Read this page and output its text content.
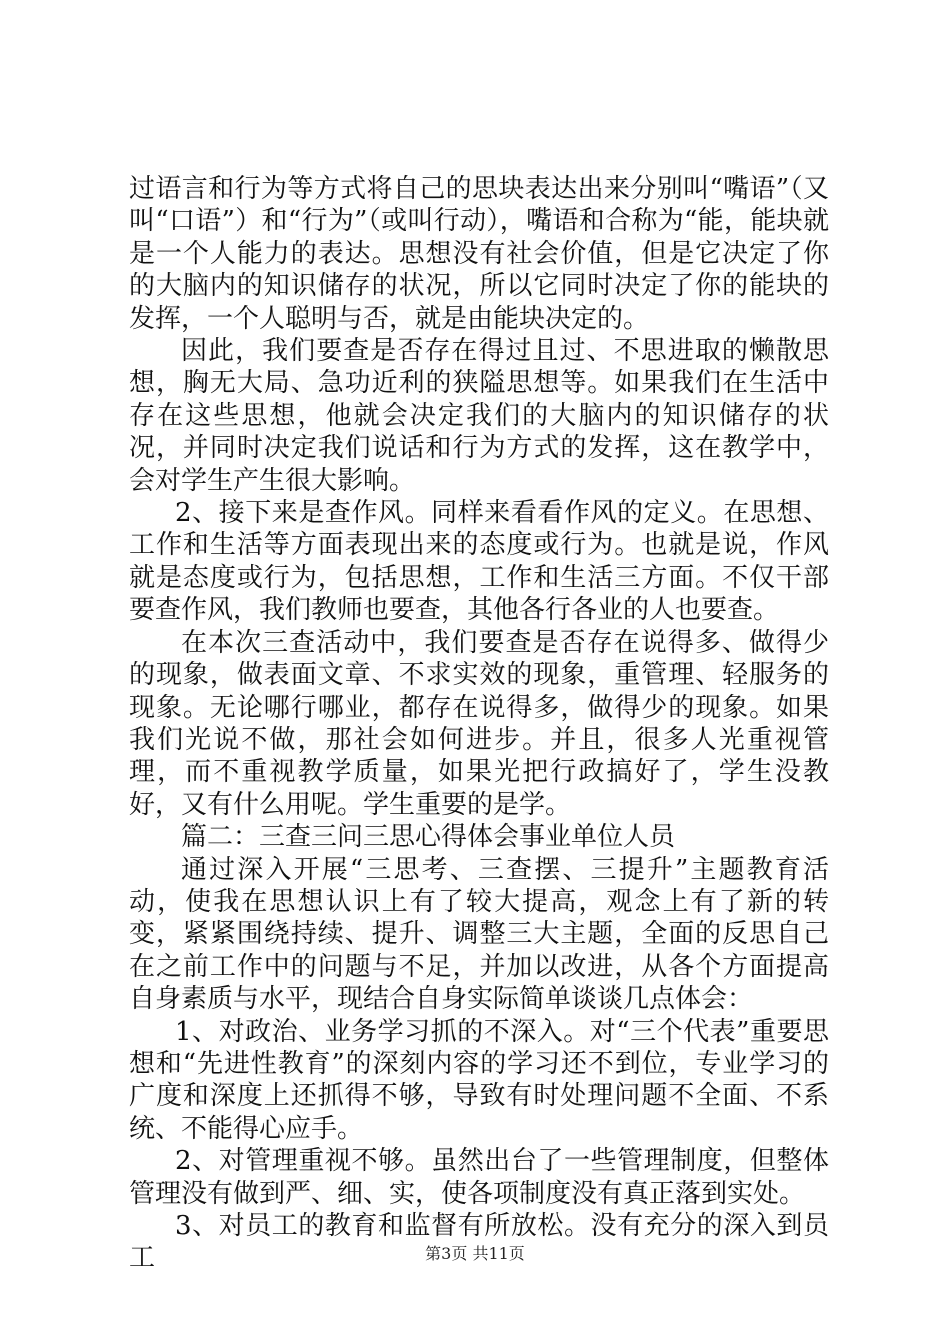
过语言和行为等方式将自己的思块表达出来分别叫“嘴语”（又叫“口语”）和“行为”（或叫行动），嘴语和合称为“能，能块就是一个人能力的表达。思想没有社会价值，但是它决定了你的大脑内的知识储存的状况，所以它同时决定了你的能块的发挥，一个人聪明与否，就是由能块决定的。

因此，我们要查是否存在得过且过、不思进取的懒散思想，胸无大局、急功近利的狭隘思想等。如果我们在生活中存在这些思想，他就会决定我们的大脑内的知识储存的状况，并同时决定我们说话和行为方式的发挥，这在教学中，会对学生产生很大影响。

2、接下来是查作风。同样来看看作风的定义。在思想、工作和生活等方面表现出来的态度或行为。也就是说，作风就是态度或行为，包括思想，工作和生活三方面。不仅干部要查作风，我们教师也要查，其他各行各业的人也要查。

在本次三查活动中，我们要查是否存在说得多、做得少的现象，做表面文章、不求实效的现象，重管理、轻服务的现象。无论哪行哪业，都存在说得多，做得少的现象。如果我们光说不做，那社会如何进步。并且，很多人光重视管理，而不重视教学质量，如果光把行政搞好了，学生没教好，又有什么用呢。学生重要的是学。

篇二：三查三问三思心得体会事业单位人员

通过深入开展“三思考、三查摆、三提升”主题教育活动，使我在思想认识上有了较大提高，观念上有了新的转变，紧紧围绕持续、提升、调整三大主题，全面的反思自己在之前工作中的问题与不足，并加以改进，从各个方面提高自身素质与水平，现结合自身实际简单谈谈几点体会：

1、对政治、业务学习抓的不深入。对“三个代表”重要思想和“先进性教育”的深刻内容的学习还不到位，专业学习的广度和深度上还抓得不够，导致有时处理问题不全面、不系统、不能得心应手。

2、对管理重视不够。虽然出台了一些管理制度，但整体管理没有做到严、细、实，使各项制度没有真正落到实处。

3、对员工的教育和监督有所放松。没有充分的深入到员工	第3页 共11页
